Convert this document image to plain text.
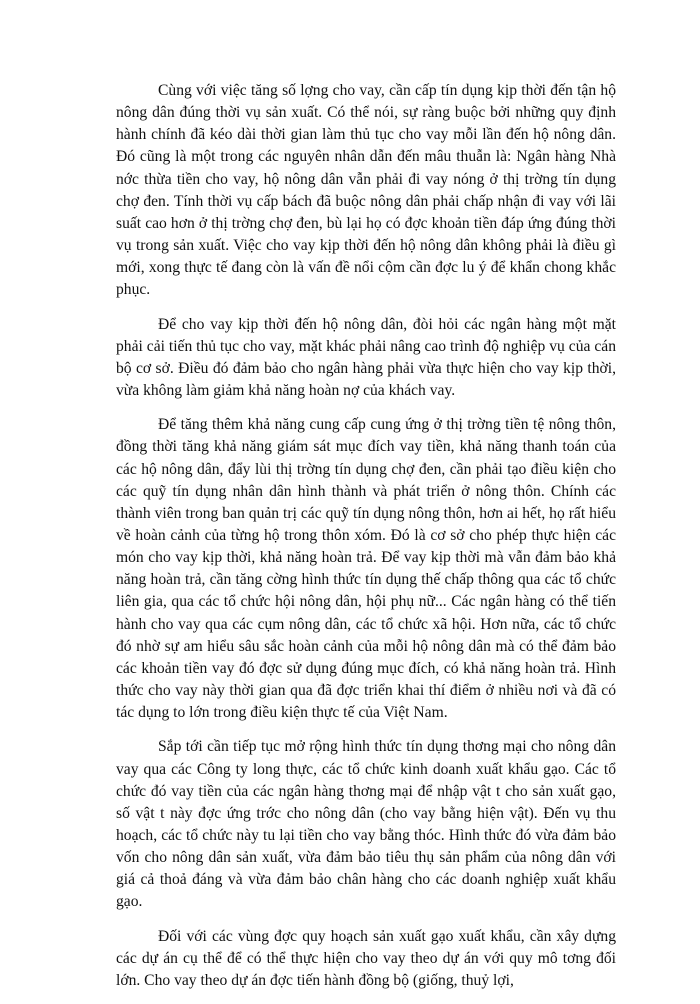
Cùng với việc tăng số lợng cho vay, cần cấp tín dụng kịp thời đến tận hộ nông dân đúng thời vụ sản xuất. Có thể nói, sự ràng buộc bởi những quy định hành chính đã kéo dài thời gian làm thủ tục cho vay mỗi lần đến hộ nông dân. Đó cũng là một trong các nguyên nhân dẫn đến mâu thuẫn là: Ngân hàng Nhà nớc thừa tiền cho vay, hộ nông dân vẫn phải đi vay nóng ở thị trờng tín dụng chợ đen. Tính thời vụ cấp bách đã buộc nông dân phải chấp nhận đi vay với lãi suất cao hơn ở thị trờng chợ đen, bù lại họ có đợc khoản tiền đáp ứng đúng thời vụ trong sản xuất. Việc cho vay kịp thời đến hộ nông dân không phải là điều gì mới, xong thực tế đang còn là vấn đề nổi cộm cần đợc lu ý để khẩn chong khắc phục.

Để cho vay kịp thời đến hộ nông dân, đòi hỏi các ngân hàng một mặt phải cải tiến thủ tục cho vay, mặt khác phải nâng cao trình độ nghiệp vụ của cán bộ cơ sở. Điều đó đảm bảo cho ngân hàng phải vừa thực hiện cho vay kịp thời, vừa không làm giảm khả năng hoàn nợ của khách vay.

Để tăng thêm khả năng cung cấp cung ứng ở thị trờng tiền tệ nông thôn, đồng thời tăng khả năng giám sát mục đích vay tiền, khả năng thanh toán của các hộ nông dân, đẩy lùi thị trờng tín dụng chợ đen, cần phải tạo điều kiện cho các quỹ tín dụng nhân dân hình thành và phát triển ở nông thôn. Chính các thành viên trong ban quản trị các quỹ tín dụng nông thôn, hơn ai hết, họ rất hiểu về hoàn cảnh của từng hộ trong thôn xóm. Đó là cơ sở cho phép thực hiện các món cho vay kịp thời, khả năng hoàn trả. Để vay kịp thời mà vẫn đảm bảo khả năng hoàn trả, cần tăng cờng hình thức tín dụng thế chấp thông qua các tổ chức liên gia, qua các tổ chức hội nông dân, hội phụ nữ... Các ngân hàng có thể tiến hành cho vay qua các cụm nông dân, các tổ chức xã hội. Hơn nữa, các tổ chức đó nhờ sự am hiểu sâu sắc hoàn cảnh của mỗi hộ nông dân mà có thể đảm bảo các khoản tiền vay đó đợc sử dụng đúng mục đích, có khả năng hoàn trả. Hình thức cho vay này thời gian qua đã đợc triển khai thí điểm ở nhiều nơi và đã có tác dụng to lớn trong điều kiện thực tế của Việt Nam.

Sắp tới cần tiếp tục mở rộng hình thức tín dụng thơng mại cho nông dân vay qua các Công ty long thực, các tổ chức kinh doanh xuất khẩu gạo. Các tổ chức đó vay tiền của các ngân hàng thơng mại để nhập vật t cho sản xuất gạo, số vật t này đợc ứng trớc cho nông dân (cho vay bằng hiện vật). Đến vụ thu hoạch, các tổ chức này tu lại tiền cho vay bằng thóc. Hình thức đó vừa đảm bảo vốn cho nông dân sản xuất, vừa đảm bảo tiêu thụ sản phẩm của nông dân với giá cả thoả đáng và vừa đảm bảo chân hàng cho các doanh nghiệp xuất khẩu gạo.

Đối với các vùng đợc quy hoạch sản xuất gạo xuất khẩu, cần xây dựng các dự án cụ thể để có thể thực hiện cho vay theo dự án với quy mô tơng đối lớn. Cho vay theo dự án đợc tiến hành đồng bộ (giống, thuỷ lợi,
